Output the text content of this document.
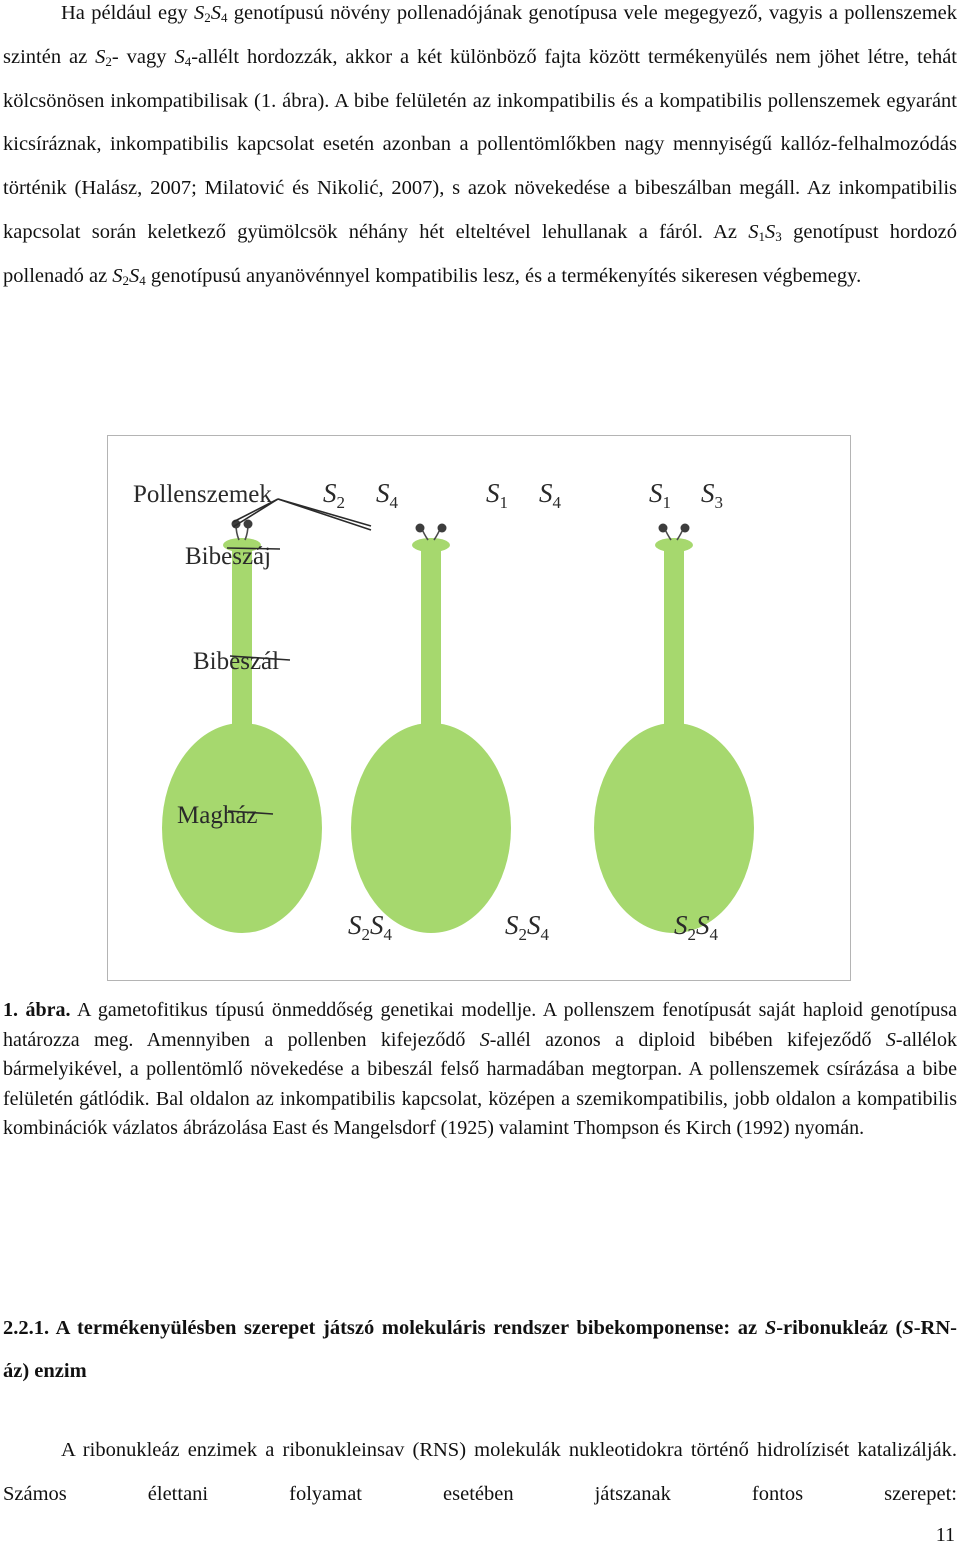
Ha például egy $S_2S_4$ genotípusú növény pollenadójának genotípusa vele megegyező, vagyis a pollenszemek szintén az $S_2-$ vagy $S_4$-allélt hordozzák, akkor a két különböző fajta között termékenyülés nem jöhet létre, tehát kölcsönösen inkompatibilisak (1. ábra). A bibe felületén az inkompatibilis és a kompatibilis pollenszemek egyaránt kicsíráznak, inkompatibilis kapcsolat esetén azonban a pollentömlőkben nagy mennyiségű kallóz-felhalmozódás történik (Halász, 2007; Milatović és Nikolić, 2007), s azok növekedése a bibeszálban megáll. Az inkompatibilis kapcsolat során keletkező gyümölcsök néhány hét elteltével lehullanak a fáról. Az $S_1S_3$ genotípust hordozó pollenadó az $S_2S_4$ genotípusú anyanövénnyel kompatibilis lesz, és a termékenyítés sikeresen végbemegy.

Pollenszemek
Bibeszáj
Bibeszál
Magház
$S_2$ $S_4$	$S_1$ $S_4$	$S_1$ $S_3$
$S_2S_4$	$S_2S_4$	$S_2S_4$

1. ábra. A gametofitikus típusú önmeddőség genetikai modellje. A pollenszem fenotípusát saját haploid genotípusa határozza meg. Amennyiben a pollenben kifejeződő S-allél azonos a diploid bibében kifejeződő S-allélok bármelyikével, a pollentömlő növekedése a bibeszál felső harmadában megtorpan. A pollenszemek csírázása a bibe felületén gátlódik. Bal oldalon az inkompatibilis kapcsolat, középen a szemikompatibilis, jobb oldalon a kompatibilis kombinációk vázlatos ábrázolása East és Mangelsdorf (1925) valamint Thompson és Kirch (1992) nyomán.

2.2.1. A termékenyülésben szerepet játszó molekuláris rendszer bibekomponense: az S-ribonukleáz (S-RN-áz) enzim

A ribonukleáz enzimek a ribonukleinsav (RNS) molekulák nukleotidokra történő hidrolízisét katalizálják. Számos élettani folyamat esetében játszanak fontos szerepet:

11
